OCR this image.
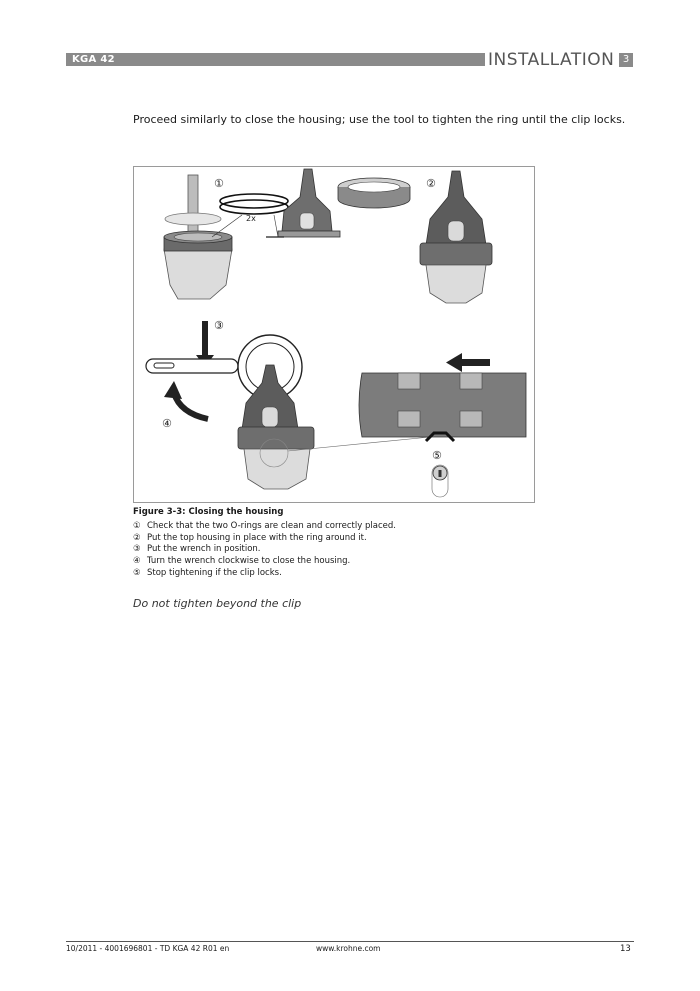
KGA 42	INSTALLATION 3
Proceed similarly to close the housing; use the tool to tighten the ring until the clip locks.
2x
①	②
③
④
⑤
Figure 3-3: Closing the housing
① Check that the two O-rings are clean and correctly placed.
② Put the top housing in place with the ring around it.
③ Put the wrench in position.
④ Turn the wrench clockwise to close the housing.
⑤ Stop tightening if the clip locks.
Do not tighten beyond the clip
10/2011 - 4001696801 - TD KGA 42 R01 en	www.krohne.com	13
